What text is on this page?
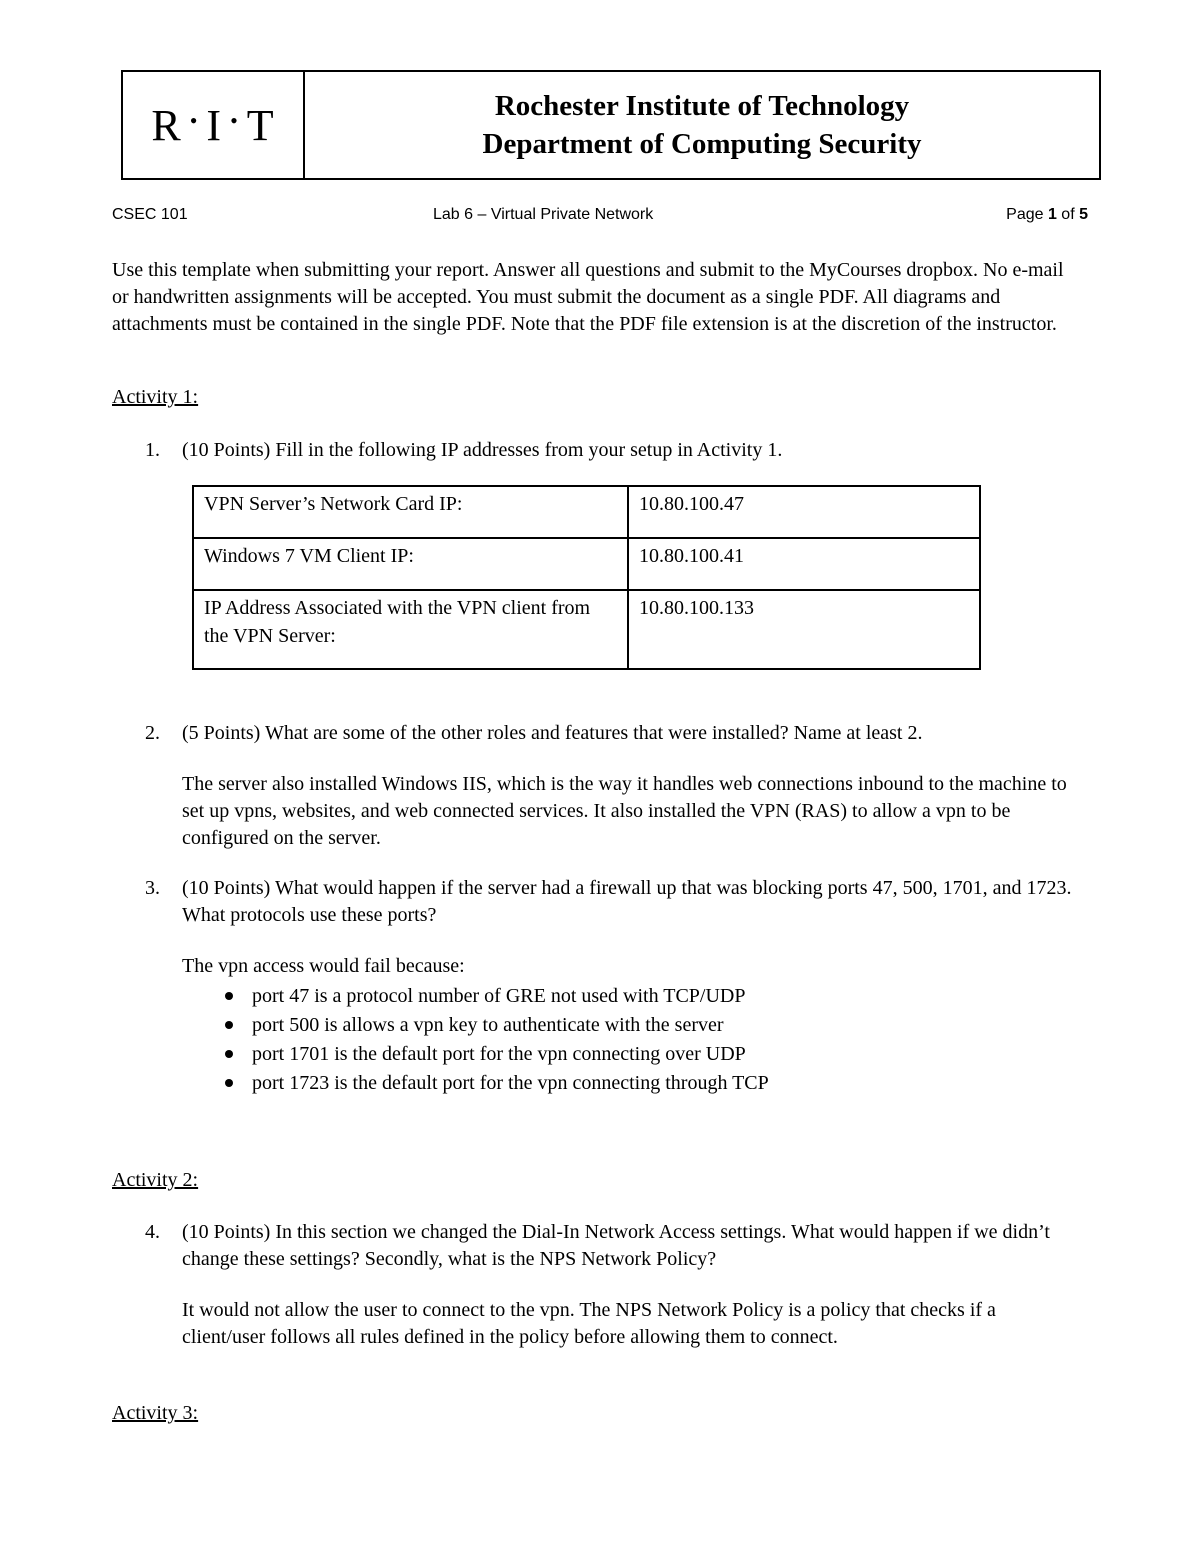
R • I • T	Rochester Institute of Technology
Department of Computing Security
CSEC 101	Lab 6 – Virtual Private Network	Page 1 of 5
Use this template when submitting your report. Answer all questions and submit to the MyCourses dropbox. No e-mail or handwritten assignments will be accepted. You must submit the document as a single PDF. All diagrams and attachments must be contained in the single PDF. Note that the PDF file extension is at the discretion of the instructor.
Activity 1:
1. (10 Points) Fill in the following IP addresses from your setup in Activity 1.
VPN Server’s Network Card IP:	10.80.100.47
Windows 7 VM Client IP:	10.80.100.41
IP Address Associated with the VPN client from the VPN Server:	10.80.100.133
2. (5 Points) What are some of the other roles and features that were installed? Name at least 2.
The server also installed Windows IIS, which is the way it handles web connections inbound to the machine to set up vpns, websites, and web connected services. It also installed the VPN (RAS) to allow a vpn to be configured on the server.
3. (10 Points) What would happen if the server had a firewall up that was blocking ports 47, 500, 1701, and 1723. What protocols use these ports?
The vpn access would fail because:
port 47 is a protocol number of GRE not used with TCP/UDP
port 500 is allows a vpn key to authenticate with the server
port 1701 is the default port for the vpn connecting over UDP
port 1723 is the default port for the vpn connecting through TCP
Activity 2:
4. (10 Points) In this section we changed the Dial-In Network Access settings. What would happen if we didn’t change these settings? Secondly, what is the NPS Network Policy?
It would not allow the user to connect to the vpn. The NPS Network Policy is a policy that checks if a client/user follows all rules defined in the policy before allowing them to connect.
Activity 3:
